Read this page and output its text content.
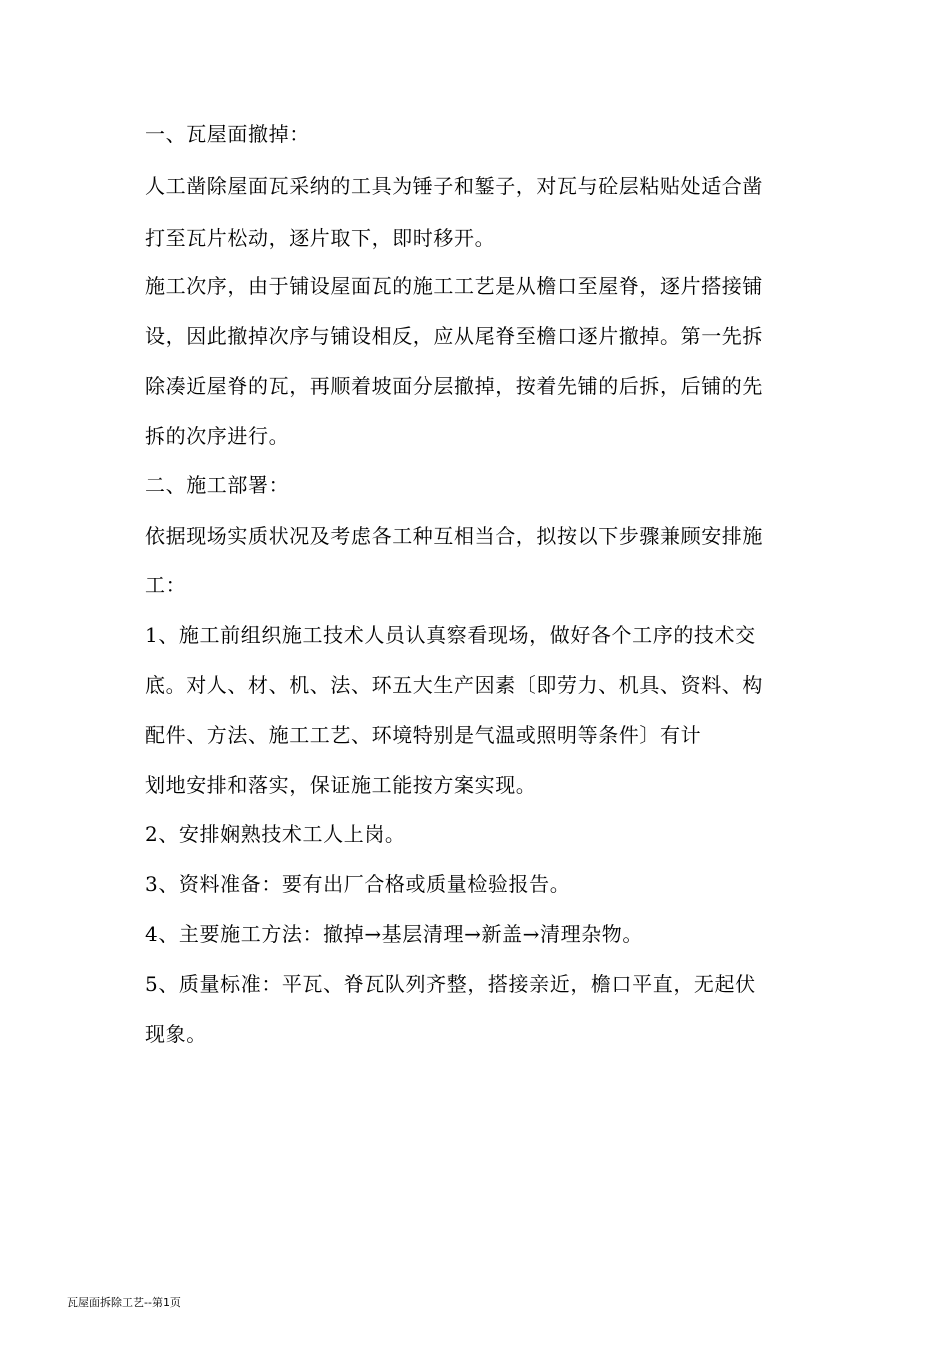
一、瓦屋面撤掉：
人工凿除屋面瓦采纳的工具为锤子和錾子，对瓦与砼层粘贴处适合凿
打至瓦片松动，逐片取下，即时移开。
施工次序，由于铺设屋面瓦的施工工艺是从檐口至屋脊，逐片搭接铺
设，因此撤掉次序与铺设相反，应从尾脊至檐口逐片撤掉。第一先拆
除凑近屋脊的瓦，再顺着坡面分层撤掉，按着先铺的后拆，后铺的先
拆的次序进行。
二、施工部署：
依据现场实质状况及考虑各工种互相当合，拟按以下步骤兼顾安排施
工：
1、施工前组织施工技术人员认真察看现场，做好各个工序的技术交
底。对人、材、机、法、环五大生产因素〔即劳力、机具、资料、构
配件、方法、施工工艺、环境特别是气温或照明等条件〕有计
划地安排和落实，保证施工能按方案实现。
2、安排娴熟技术工人上岗。
3、资料准备：要有出厂合格或质量检验报告。
4、主要施工方法：撤掉→基层清理→新盖→清理杂物。
5、质量标准：平瓦、脊瓦队列齐整，搭接亲近，檐口平直，无起伏
现象。
瓦屋面拆除工艺--第1页
